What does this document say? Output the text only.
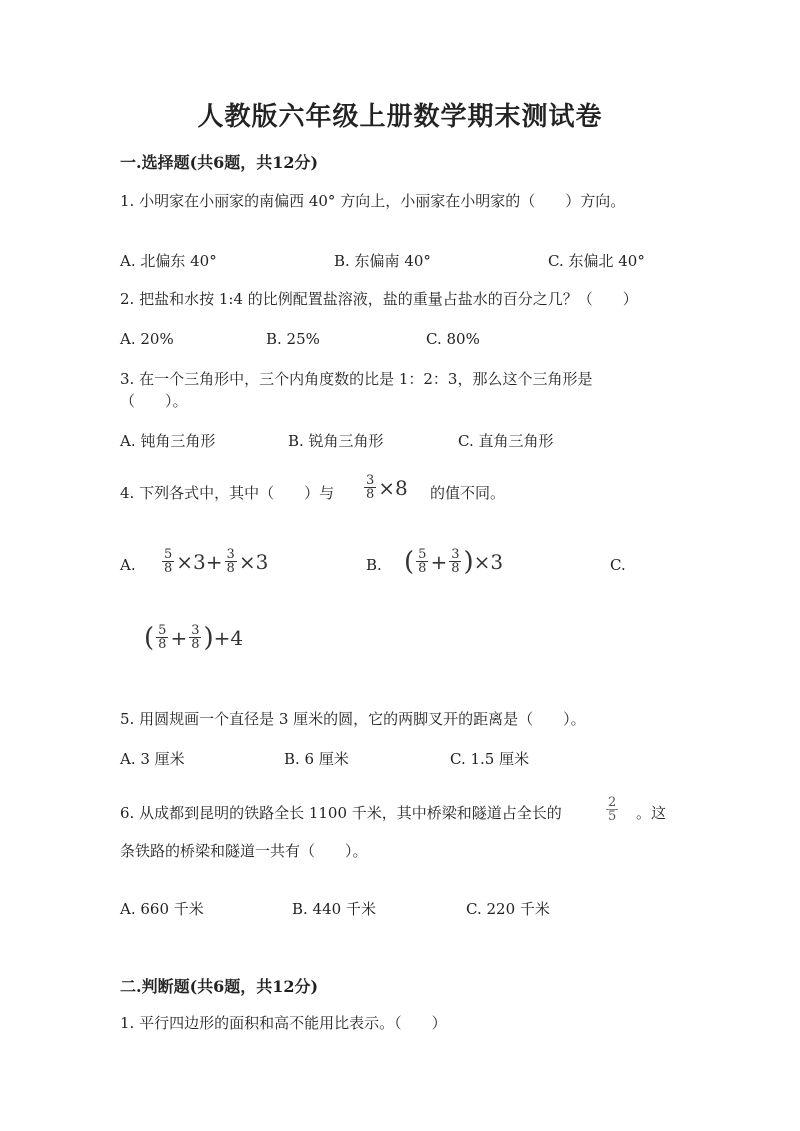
人教版六年级上册数学期末测试卷
一.选择题(共6题，共12分)
1. 小明家在小丽家的南偏西 40° 方向上，小丽家在小明家的（　　）方向。
A. 北偏东 40°	B. 东偏南 40°	C. 东偏北 40°
2. 把盐和水按 1:4 的比例配置盐溶液，盐的重量占盐水的百分之几？（　　）
A. 20%	B. 25%	C. 80%
3. 在一个三角形中，三个内角度数的比是 1：2：3，那么这个三角形是
（　　）。
A. 钝角三角形	B. 锐角三角形	C. 直角三角形
4. 下列各式中，其中（　　）与 $\frac{3}{8} \times 8$ 的值不同。
A. $\frac{5}{8} \times 3+ \frac{3}{8} \times 3$	B. ( $\frac{5}{8} + \frac{3}{8}$ ) ×3	C.
( $\frac{5}{8} + \frac{3}{8}$ ) +4
5. 用圆规画一个直径是 3 厘米的圆，它的两脚叉开的距离是（　　）。
A. 3 厘米	B. 6 厘米	C. 1.5 厘米
6. 从成都到昆明的铁路全长 1100 千米，其中桥梁和隧道占全长的	$\frac{2}{5}$ 。这
条铁路的桥梁和隧道一共有（　　）。
A. 660 千米	B. 440 千米	C. 220 千米
二.判断题(共6题，共12分)
1. 平行四边形的面积和高不能用比表示。（　　）
